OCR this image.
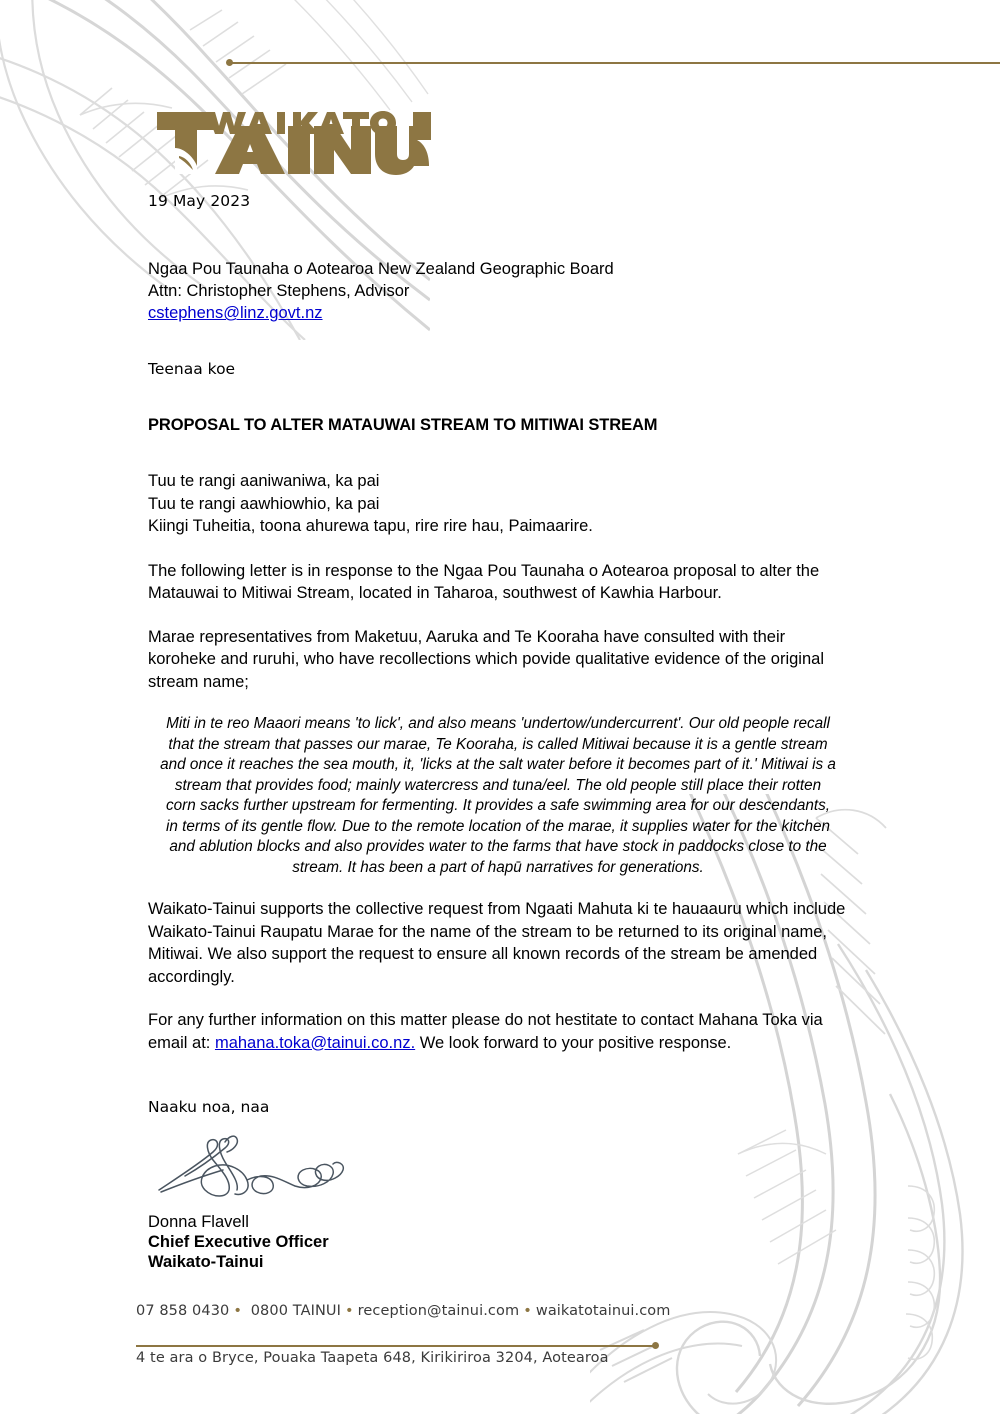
19 May 2023
Ngaa Pou Taunaha o Aotearoa New Zealand Geographic Board
Attn: Christopher Stephens, Advisor
cstephens@linz.govt.nz
Teenaa koe
PROPOSAL TO ALTER MATAUWAI STREAM TO MITIWAI STREAM

Tuu te rangi aaniwaniwa, ka pai
Tuu te rangi aawhiowhio, ka pai
Kiingi Tuheitia, toona ahurewa tapu, rire rire hau, Paimaarire.

The following letter is in response to the Ngaa Pou Taunaha o Aotearoa proposal to alter the Matauwai to Mitiwai Stream, located in Taharoa, southwest of Kawhia Harbour.

Marae representatives from Maketuu, Aaruka and Te Kooraha have consulted with their koroheke and ruruhi, who have recollections which povide qualitative evidence of the original stream name;

Miti in te reo Maaori means 'to lick', and also means 'undertow/undercurrent'. Our old people recall that the stream that passes our marae, Te Kooraha, is called Mitiwai because it is a gentle stream and once it reaches the sea mouth, it, 'licks at the salt water before it becomes part of it.' Mitiwai is a stream that provides food; mainly watercress and tuna/eel. The old people still place their rotten corn sacks further upstream for fermenting. It provides a safe swimming area for our descendants, in terms of its gentle flow. Due to the remote location of the marae, it supplies water for the kitchen and ablution blocks and also provides water to the farms that have stock in paddocks close to the stream. It has been a part of hapū narratives for generations.

Waikato-Tainui supports the collective request from Ngaati Mahuta ki te hauaauru which include Waikato-Tainui Raupatu Marae for the name of the stream to be returned to its original name, Mitiwai. We also support the request to ensure all known records of the stream be amended accordingly.

For any further information on this matter please do not hestitate to contact Mahana Toka via email at: mahana.toka@tainui.co.nz. We look forward to your positive response.

Naaku noa, naa
Donna Flavell
Chief Executive Officer
Waikato-Tainui
07 858 0430 • 0800 TAINUI • reception@tainui.com • waikatotainui.com
4 te ara o Bryce, Pouaka Taapeta 648, Kirikiriroa 3204, Aotearoa
